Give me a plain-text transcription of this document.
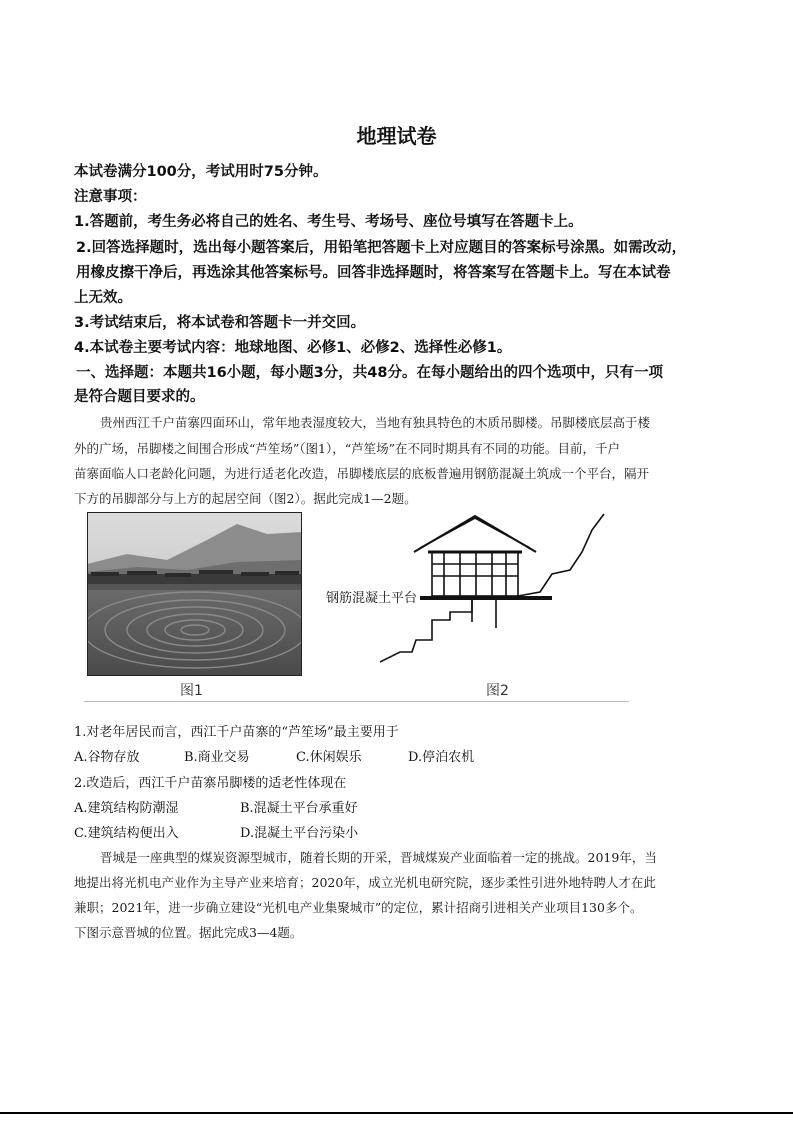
地理试卷
本试卷满分100分，考试用时75分钟。
注意事项：
1.答题前，考生务必将自己的姓名、考生号、考场号、座位号填写在答题卡上。
2.回答选择题时，选出每小题答案后，用铅笔把答题卡上对应题目的答案标号涂黑。如需改动，
用橡皮擦干净后，再选涂其他答案标号。回答非选择题时，将答案写在答题卡上。写在本试卷
上无效。
3.考试结束后，将本试卷和答题卡一并交回。
4.本试卷主要考试内容：地球地图、必修1、必修2、选择性必修1。
一、选择题：本题共16小题，每小题3分，共48分。在每小题给出的四个选项中，只有一项
是符合题目要求的。
贵州西江千户苗寨四面环山，常年地表湿度较大，当地有独具特色的木质吊脚楼。吊脚楼底层高于楼
外的广场，吊脚楼之间围合形成“芦笙场”（图1），“芦笙场”在不同时期具有不同的功能。目前，千户
苗寨面临人口老龄化问题，为进行适老化改造，吊脚楼底层的底板普遍用钢筋混凝土筑成一个平台，隔开
下方的吊脚部分与上方的起居空间（图2）。据此完成1—2题。
钢筋混凝土平台
图1	图2
1.对老年居民而言，西江千户苗寨的“芦笙场”最主要用于
A.谷物存放	B.商业交易	C.休闲娱乐	D.停泊农机
2.改造后，西江千户苗寨吊脚楼的适老性体现在
A.建筑结构防潮湿	B.混凝土平台承重好
C.建筑结构便出入	D.混凝土平台污染小
晋城是一座典型的煤炭资源型城市，随着长期的开采，晋城煤炭产业面临着一定的挑战。2019年，当
地提出将光机电产业作为主导产业来培育；2020年，成立光机电研究院，逐步柔性引进外地特聘人才在此
兼职；2021年，进一步确立建设“光机电产业集聚城市”的定位，累计招商引进相关产业项目130多个。
下图示意晋城的位置。据此完成3—4题。
